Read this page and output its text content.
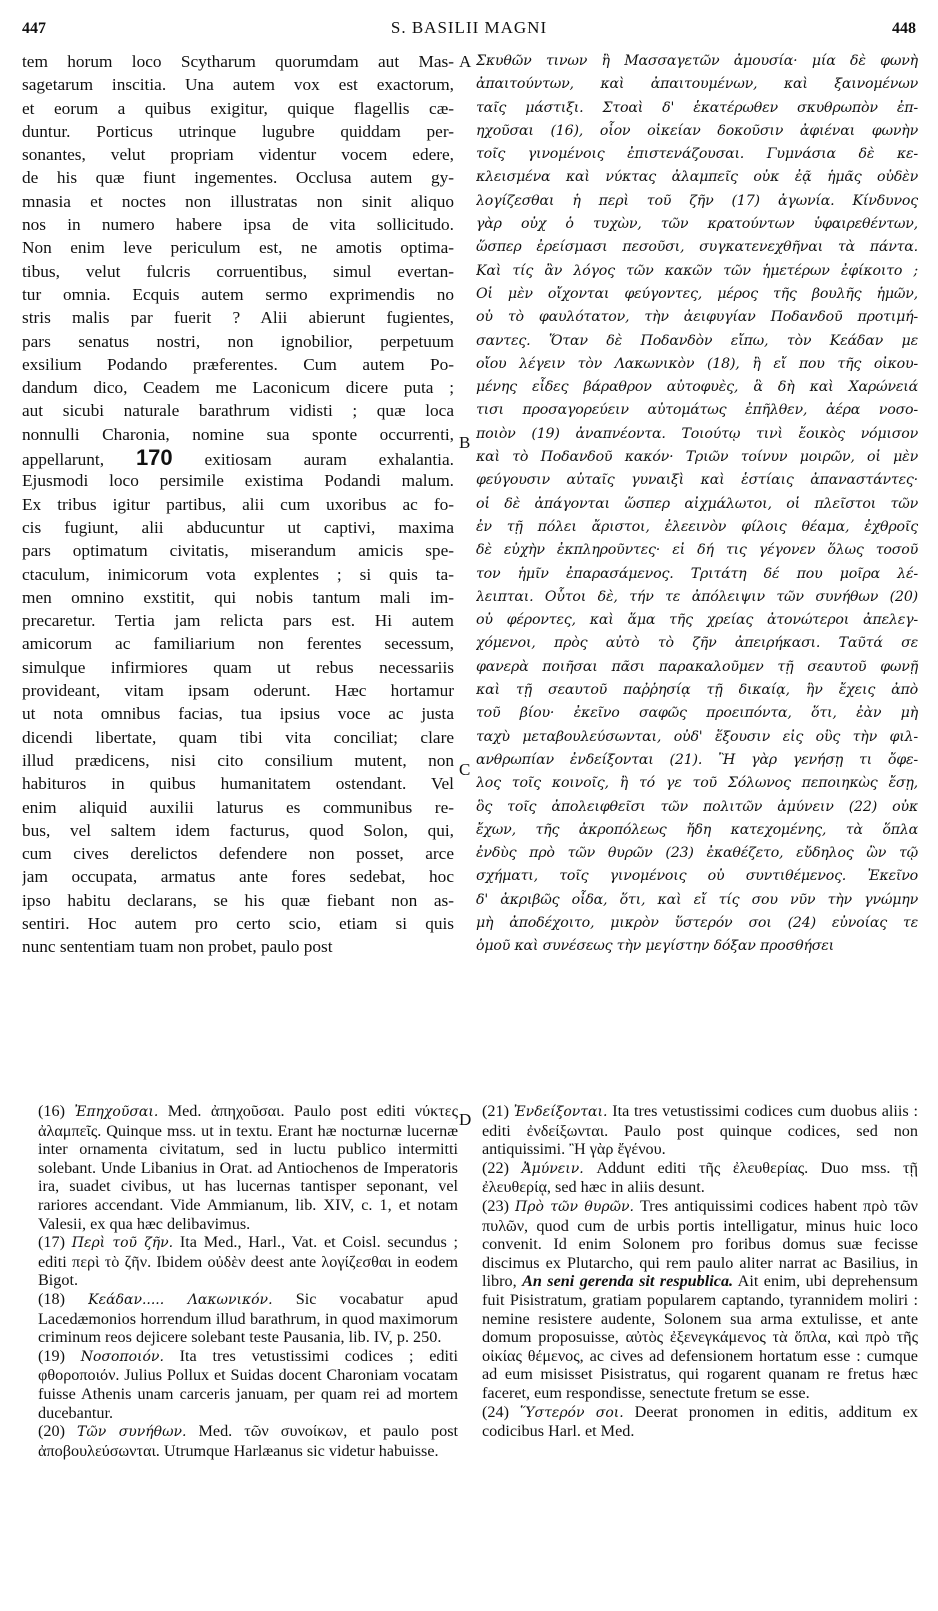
447	S. BASILII MAGNI	448
tem horum loco Scytharum quorumdam aut Mas-
sagetarum inscitia. Una autem vox est exactorum,
et eorum a quibus exigitur, quique flagellis cæ-
duntur. Porticus utrinque lugubre quiddam per-
sonantes, velut propriam videntur vocem edere,
de his quæ fiunt ingementes. Occlusa autem gy-
mnasia et noctes non illustratas non sinit aliquo
nos in numero habere ipsa de vita sollicitudo.
Non enim leve periculum est, ne amotis optima-
tibus, velut fulcris corruentibus, simul evertan-
tur omnia. Ecquis autem sermo exprimendis no
stris malis par fuerit ? Alii abierunt fugientes,
pars senatus nostri, non ignobilior, perpetuum
exsilium Podando præferentes. Cum autem Po-
dandum dico, Ceadem me Laconicum dicere puta ;
aut sicubi naturale barathrum vidisti ; quæ loca
nonnulli Charonia, nomine sua sponte occurrenti,
appellarunt, 170 exitiosam auram exhalantia.
Ejusmodi loco persimile existima Podandi malum.
Ex tribus igitur partibus, alii cum uxoribus ac fo-
cis fugiunt, alii abducuntur ut captivi, maxima
pars optimatum civitatis, miserandum amicis spe-
ctaculum, inimicorum vota explentes ; si quis ta-
men omnino exstitit, qui nobis tantum mali im-
precaretur. Tertia jam relicta pars est. Hi autem
amicorum ac familiarium non ferentes secessum,
simulque infirmiores quam ut rebus necessariis
provideant, vitam ipsam oderunt. Hæc hortamur
ut nota omnibus facias, tua ipsius voce ac justa
dicendi libertate, quam tibi vita conciliat; clare
illud prædicens, nisi cito consilium mutent, non
habituros in quibus humanitatem ostendant. Vel
enim aliquid auxilii laturus es communibus re-
bus, vel saltem idem facturus, quod Solon, qui,
cum cives derelictos defendere non posset, arce
jam occupata, armatus ante fores sedebat, hoc
ipso habitu declarans, se his quæ fiebant non as-
sentiri. Hoc autem pro certo scio, etiam si quis
nunc sententiam tuam non probet, paulo post
Σκυθῶν τινων ἢ Μασσαγετῶν ἀμουσία· μία δὲ φωνὴ
ἀπαιτούντων, καὶ ἀπαιτουμένων, καὶ ξαινομένων
ταῖς μάστιξι. Στοαὶ δ' ἑκατέρωθεν σκυθρωπὸν ἐπ-
ηχοῦσαι (16), οἷον οἰκείαν δοκοῦσιν ἀφιέναι φωνὴν
τοῖς γινομένοις ἐπιστενάζουσαι. Γυμνάσια δὲ κε-
κλεισμένα καὶ νύκτας ἀλαμπεῖς οὐκ ἐᾷ ἡμᾶς οὐδὲν
λογίζεσθαι ἡ περὶ τοῦ ζῆν (17) ἀγωνία. Κίνδυνος
γὰρ οὐχ ὁ τυχὼν, τῶν κρατούντων ὑφαιρεθέντων,
ὥσπερ ἐρείσμασι πεσοῦσι, συγκατενεχθῆναι τὰ πάντα.
Καὶ τίς ἂν λόγος τῶν κακῶν τῶν ἡμετέρων ἐφίκοιτο ;
Οἱ μὲν οἴχονται φεύγοντες, μέρος τῆς βουλῆς ἡμῶν,
οὐ τὸ φαυλότατον, τὴν ἀειφυγίαν Ποδανδοῦ προτιμή-
σαντες. Ὅταν δὲ Ποδανδὸν εἴπω, τὸν Κεάδαν με
οἴου λέγειν τὸν Λακωνικὸν (18), ἢ εἴ που τῆς οἰκου-
μένης εἶδες βάραθρον αὐτοφυὲς, ἃ δὴ καὶ Χαρώνειά
τισι προσαγορεύειν αὐτομάτως ἐπῆλθεν, ἀέρα νοσο-
ποιὸν (19) ἀναπνέοντα. Τοιούτῳ τινὶ ἔοικὸς νόμισον
καὶ τὸ Ποδανδοῦ κακόν· Τριῶν τοίνυν μοιρῶν, οἱ μὲν
φεύγουσιν αὐταῖς γυναιξὶ καὶ ἑστίαις ἀπαναστάντες·
οἱ δὲ ἀπάγονται ὥσπερ αἰχμάλωτοι, οἱ πλεῖστοι τῶν
ἐν τῇ πόλει ἄριστοι, ἐλεεινὸν φίλοις θέαμα, ἐχθροῖς
δὲ εὐχὴν ἐκπληροῦντες· εἰ δή τις γέγονεν ὅλως τοσοῦ
τον ἡμῖν ἐπαρασάμενος. Τριτάτη δέ που μοῖρα λέ-
λειπται. Οὗτοι δὲ, τήν τε ἀπόλειψιν τῶν συνήθων (20)
οὐ φέροντες, καὶ ἅμα τῆς χρείας ἀτονώτεροι ἀπελεγ-
χόμενοι, πρὸς αὐτὸ τὸ ζῆν ἀπειρήκασι. Ταῦτά σε
φανερὰ ποιῆσαι πᾶσι παρακαλοῦμεν τῇ σεαυτοῦ φωνῇ
καὶ τῇ σεαυτοῦ παῤῥησίᾳ τῇ δικαίᾳ, ἣν ἔχεις ἀπὸ
τοῦ βίου· ἐκεῖνο σαφῶς προειπόντα, ὅτι, ἐὰν μὴ
ταχὺ μεταβουλεύσωνται, οὐδ' ἕξουσιν εἰς οὓς τὴν φιλ-
ανθρωπίαν ἐνδείξονται (21). Ἢ γὰρ γενήσῃ τι ὄφε-
λος τοῖς κοινοῖς, ἢ τό γε τοῦ Σόλωνος πεποιηκὼς ἔσῃ,
ὃς τοῖς ἀπολειφθεῖσι τῶν πολιτῶν ἀμύνειν (22) οὐκ
ἔχων, τῆς ἀκροπόλεως ἤδη κατεχομένης, τὰ ὅπλα
ἐνδὺς πρὸ τῶν θυρῶν (23) ἐκαθέζετο, εὔδηλος ὢν τῷ
σχήματι, τοῖς γινομένοις οὐ συντιθέμενος. Ἐκεῖνο
δ' ἀκριβῶς οἶδα, ὅτι, καὶ εἴ τίς σου νῦν τὴν γνώμην
μὴ ἀποδέχοιτο, μικρὸν ὕστερόν σοι (24) εὐνοίας τε
ὁμοῦ καὶ συνέσεως τὴν μεγίστην δόξαν προσθήσει
A
B
C
D

(16) Ἐπηχοῦσαι. Med. ἀπηχοῦσαι. Paulo post editi νύκτες ἀλαμπεῖς. Quinque mss. ut in textu. Erant hæ nocturnæ lucernæ inter ornamenta civitatum, sed in luctu publico intermitti solebant. Unde Libanius in Orat. ad Antiochenos de Imperatoris ira, suadet civibus, ut has lucernas tantisper seponant, vel rariores accendant. Vide Ammianum, lib. XIV, c. 1, et notam Valesii, ex qua hæc delibavimus.

(17) Περὶ τοῦ ζῆν. Ita Med., Harl., Vat. et Coisl. secundus ; editi περὶ τὸ ζῆν. Ibidem οὐδὲν deest ante λογίζεσθαι in eodem Bigot.

(18) Κεάδαν..... Λακωνικόν. Sic vocabatur apud Lacedæmonios horrendum illud barathrum, in quod maximorum criminum reos dejicere solebant teste Pausania, lib. IV, p. 250.

(19) Νοσοποιόν. Ita tres vetustissimi codices ; editi φθοροποιόν. Julius Pollux et Suidas docent Charoniam vocatam fuisse Athenis unam carceris januam, per quam rei ad mortem ducebantur.

(20) Τῶν συνήθων. Med. τῶν συνοίκων, et paulo post ἀποβουλεύσωνται. Utrumque Harlæanus sic videtur habuisse.

(21) Ἐνδείξονται. Ita tres vetustissimi codices cum duobus aliis : editi ἐνδείξωνται. Paulo post quinque codices, sed non antiquissimi. Ἢ γὰρ ἔγένου.

(22) Ἀμύνειν. Addunt editi τῆς ἐλευθερίας. Duo mss. τῇ ἐλευθερίᾳ, sed hæc in aliis desunt.

(23) Πρὸ τῶν θυρῶν. Tres antiquissimi codices habent πρὸ τῶν πυλῶν, quod cum de urbis portis intelligatur, minus huic loco convenit. Id enim Solonem pro foribus domus suæ fecisse discimus ex Plutarcho, qui rem paulo aliter narrat ac Basilius, in libro, An seni gerenda sit respublica. Ait enim, ubi deprehensum fuit Pisistratum, gratiam popularem captando, tyrannidem moliri : nemine resistere audente, Solonem sua arma extulisse, et ante domum proposuisse, αὐτὸς ἐξενεγκάμενος τὰ ὅπλα, καὶ πρὸ τῆς οἰκίας θέμενος, ac cives ad defensionem hortatum esse : cumque ad eum misisset Pisistratus, qui rogarent quanam re fretus hæc faceret, eum respondisse, senectute fretum se esse.

(24) Ὕστερόν σοι. Deerat pronomen in editis, additum ex codicibus Harl. et Med.
